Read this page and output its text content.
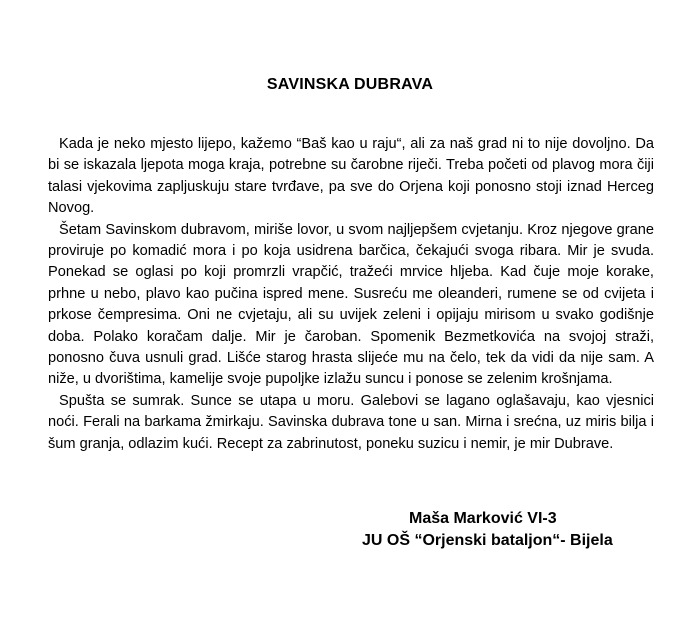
SAVINSKA DUBRAVA

Kada je neko mjesto lijepo, kažemo “Baš kao u raju“, ali za naš grad ni to nije dovoljno. Da bi se iskazala ljepota moga kraja, potrebne su čarobne riječi. Treba početi od plavog mora čiji talasi vjekovima zapljuskuju stare tvrđave, pa sve do Orjena koji ponosno stoji iznad Herceg Novog.

Šetam Savinskom dubravom, miriše lovor, u svom najljepšem cvjetanju. Kroz njegove grane proviruje po komadić mora i po koja usidrena barčica, čekajući svoga ribara. Mir je svuda. Ponekad se oglasi po koji promrzli vrapčić, tražeći mrvice hljeba. Kad čuje moje korake, prhne u nebo, plavo kao pučina ispred mene. Susreću me oleanderi, rumene se od cvijeta i prkose čempresima. Oni ne cvjetaju, ali su uvijek zeleni i opijaju mirisom u svako godišnje doba. Polako koračam dalje. Mir je čaroban. Spomenik Bezmetkovića na svojoj straži, ponosno čuva usnuli grad. Lišće starog hrasta slijeće mu na čelo, tek da vidi da nije sam. A niže, u dvorištima, kamelije svoje pupoljke izlažu suncu i ponose se zelenim krošnjama.

Spušta se sumrak. Sunce se utapa u moru. Galebovi se lagano oglašavaju, kao vjesnici noći. Ferali na barkama žmirkaju. Savinska dubrava tone u san. Mirna i srećna, uz miris bilja i šum granja, odlazim kući. Recept za zabrinutost, poneku suzicu i nemir, je mir Dubrave.

Maša Marković VI-3
JU OŠ “Orjenski bataljon“- Bijela
